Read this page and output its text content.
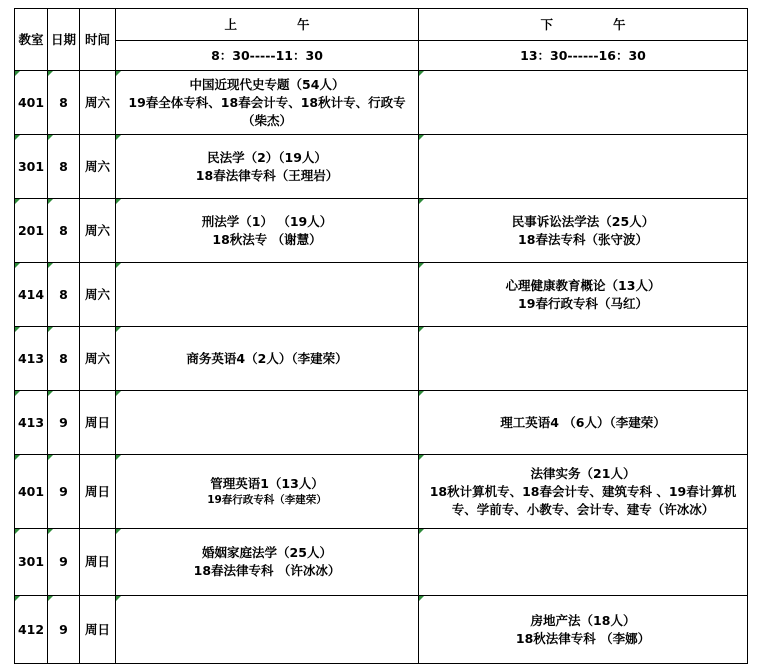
教室	日期	时间	上 午	下 午
			8：30-----11：30	13：30------16：30
401	8	周六	中国近现代史专题（54人）
19春全体专科、18春会计专、18秋计专、行政专（柴杰）	

301	8	周六	民法学（2）（19人）
18春法律专科（王理岩）	

201	8	周六	刑法学（1） （19人）
18秋法专 （谢慧）	民事诉讼法学法（25人）
18春法专科（张守波）

414	8	周六		心理健康教育概论（13人）
19春行政专科（马红）

413	8	周六	商务英语4（2人）（李建荣）	

413	9	周日		理工英语4 （6人）（李建荣）

401	9	周日	管理英语1（13人）
19春行政专科（李建荣）	法律实务（21人）
18秋计算机专、18春会计专、建筑专科 、19春计算机专、学前专、小教专、会计专、建专（许冰冰）

301	9	周日	婚姻家庭法学（25人）
18春法律专科 （许冰冰）	

412	9	周日		房地产法（18人）
18秋法律专科 （李娜）
